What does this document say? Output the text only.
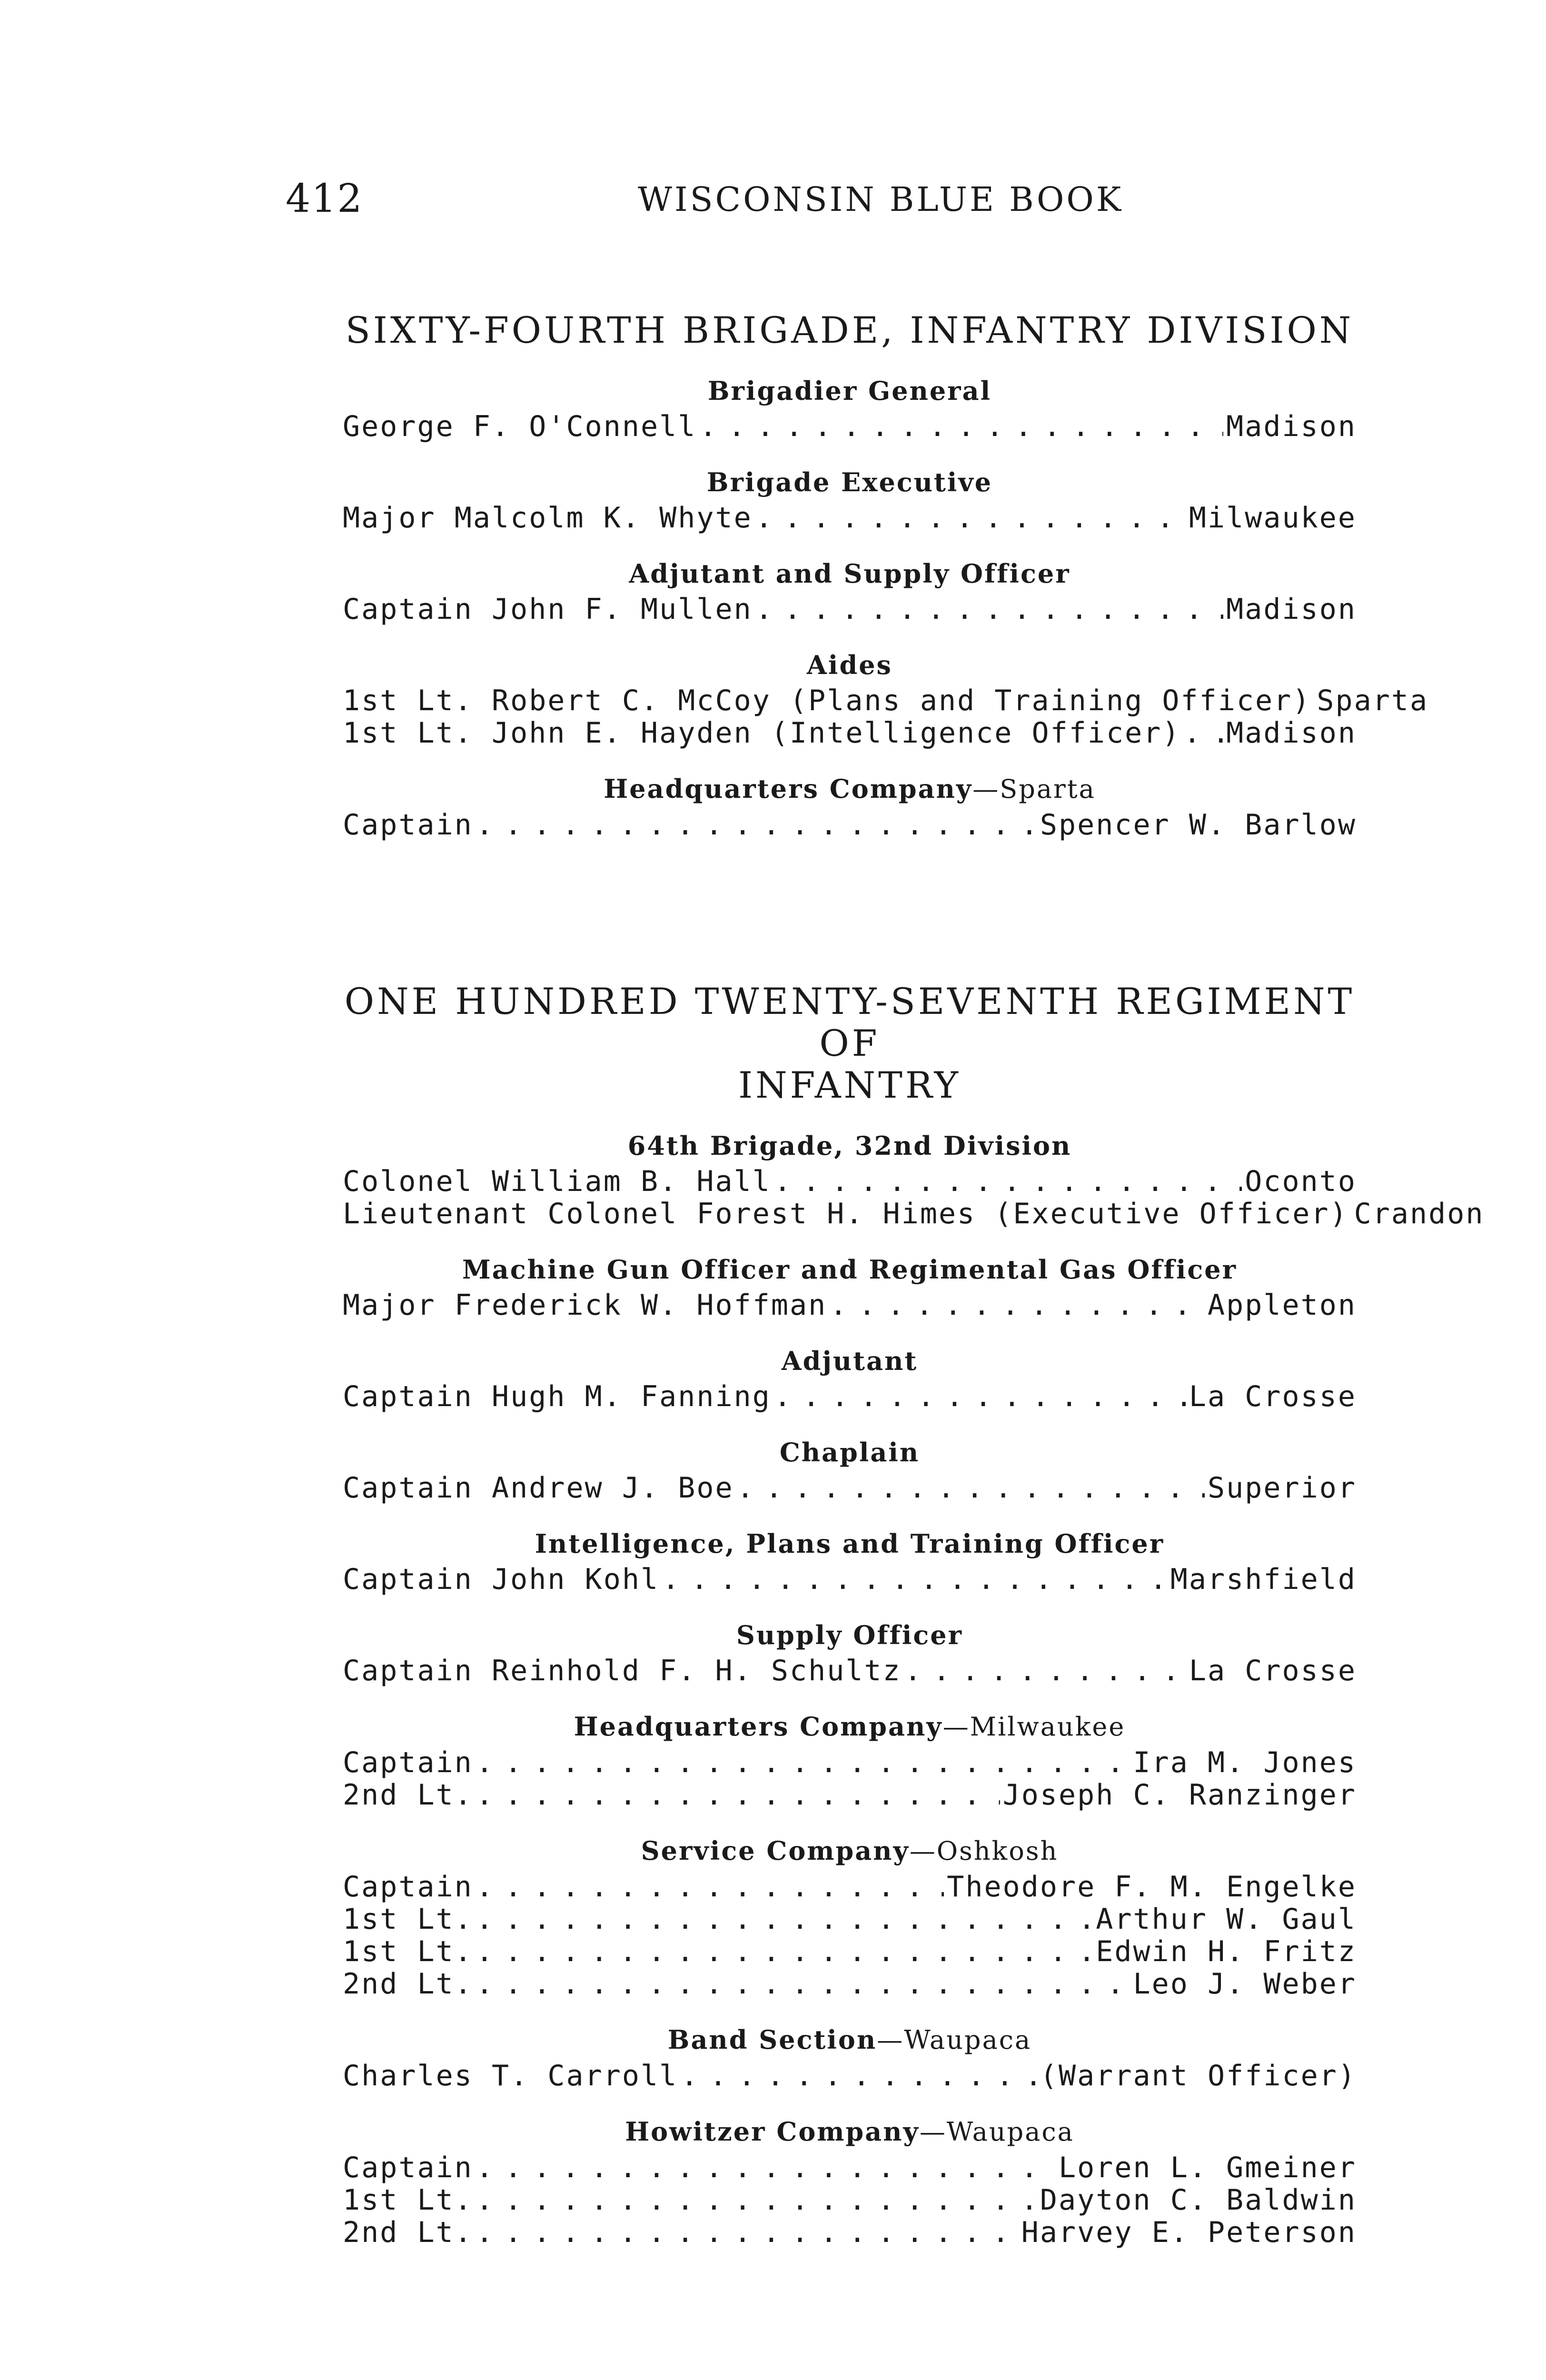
412	WISCONSIN BLUE BOOK
SIXTY-FOURTH BRIGADE, INFANTRY DIVISION
Brigadier General
George F. O'Connell . . .	Madison
Brigade Executive
Major Malcolm K. Whyte . . .	Milwaukee
Adjutant and Supply Officer
Captain John F. Mullen . . .	Madison
Aides
1st Lt. Robert C. McCoy (Plans and Training Officer) Sparta
1st Lt. John E. Hayden (Intelligence Officer) . . . Madison
Headquarters Company—Sparta
Captain . . .	Spencer W. Barlow
ONE HUNDRED TWENTY-SEVENTH REGIMENT OF
INFANTRY
64th Brigade, 32nd Division
Colonel William B. Hall . . .	Oconto
Lieutenant Colonel Forest H. Himes (Executive Officer) Crandon
Machine Gun Officer and Regimental Gas Officer
Major Frederick W. Hoffman . . .	Appleton
Adjutant
Captain Hugh M. Fanning . . .	La Crosse
Chaplain
Captain Andrew J. Boe . . .	Superior
Intelligence, Plans and Training Officer
Captain John Kohl . . .	Marshfield
Supply Officer
Captain Reinhold F. H. Schultz . . .	La Crosse
Headquarters Company—Milwaukee
Captain . . .	Ira M. Jones
2nd Lt. . . .	Joseph C. Ranzinger
Service Company—Oshkosh
Captain . . .	Theodore F. M. Engelke
1st Lt. . . .	Arthur W. Gaul
1st Lt. . . .	Edwin H. Fritz
2nd Lt. . . .	Leo J. Weber
Band Section—Waupaca
Charles T. Carroll . . .	(Warrant Officer)
Howitzer Company—Waupaca
Captain . . .	Loren L. Gmeiner
1st Lt. . . .	Dayton C. Baldwin
2nd Lt. . . .	Harvey E. Peterson
